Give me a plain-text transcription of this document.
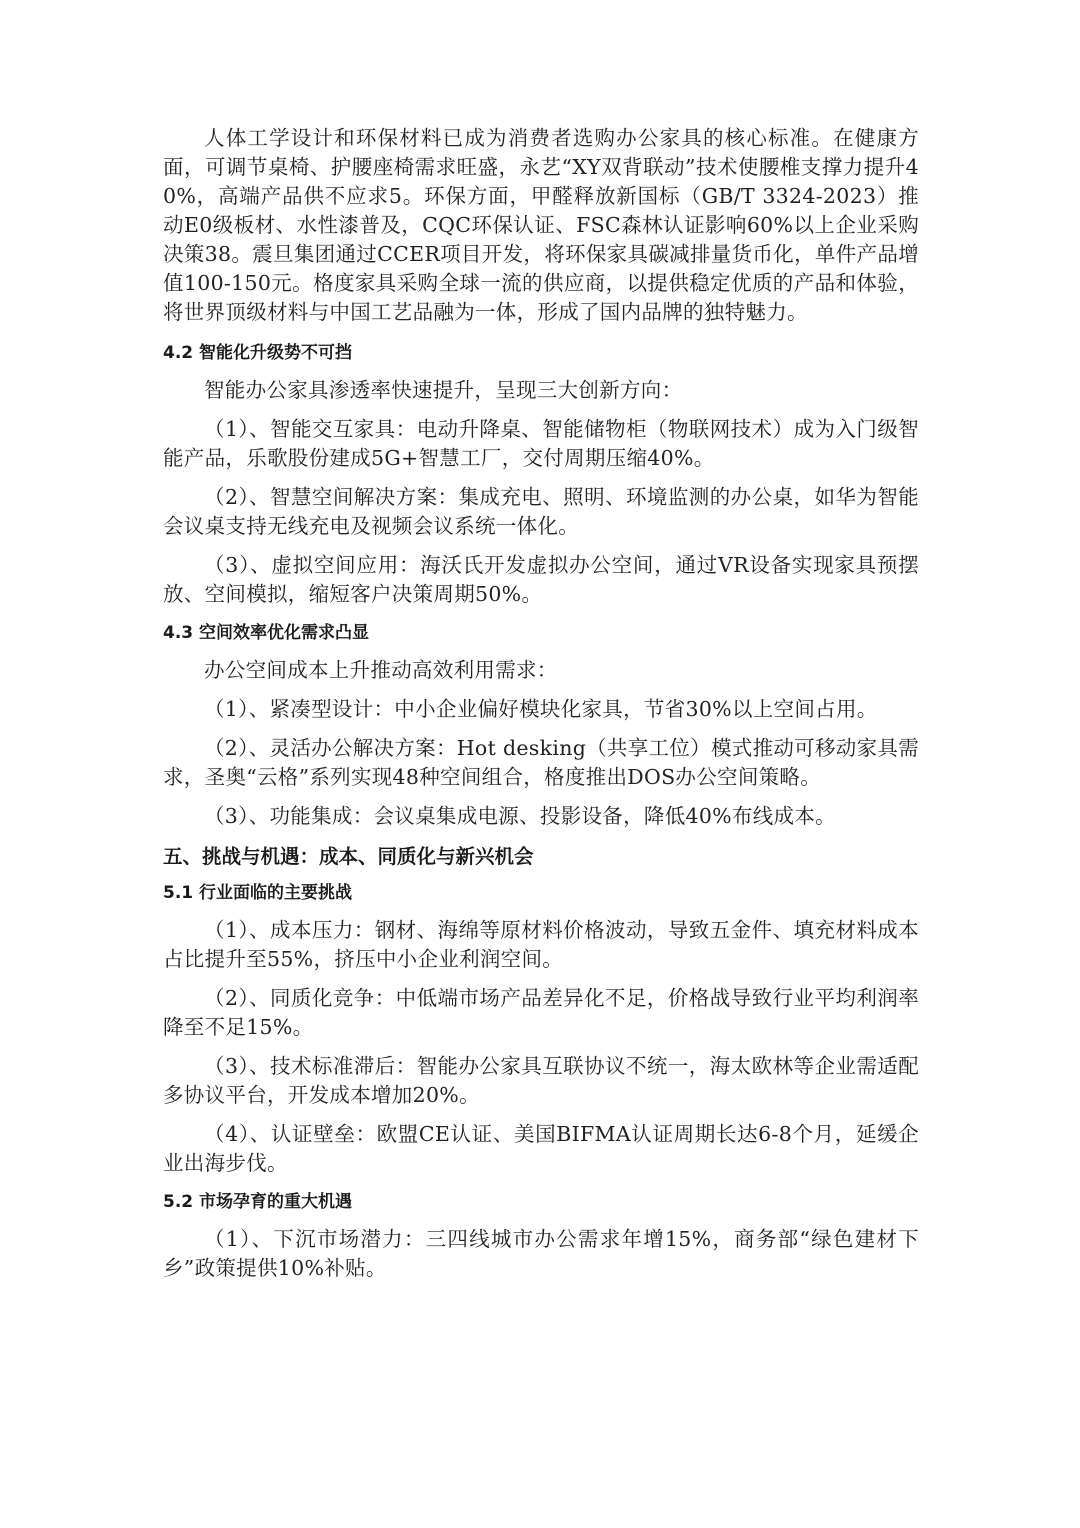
人体工学设计和环保材料已成为消费者选购办公家具的核心标准。在健康方面，可调节桌椅、护腰座椅需求旺盛，永艺“XY双背联动”技术使腰椎支撑力提升40%，高端产品供不应求5。环保方面，甲醛释放新国标（GB/T 3324-2023）推动E0级板材、水性漆普及，CQC环保认证、FSC森林认证影响60%以上企业采购决策38。震旦集团通过CCER项目开发，将环保家具碳减排量货币化，单件产品增值100-150元。格度家具采购全球一流的供应商，以提供稳定优质的产品和体验，将世界顶级材料与中国工艺品融为一体，形成了国内品牌的独特魅力。

4.2 智能化升级势不可挡

智能办公家具渗透率快速提升，呈现三大创新方向：

（1）、智能交互家具：电动升降桌、智能储物柜（物联网技术）成为入门级智能产品，乐歌股份建成5G+智慧工厂，交付周期压缩40%。

（2）、智慧空间解决方案：集成充电、照明、环境监测的办公桌，如华为智能会议桌支持无线充电及视频会议系统一体化。

（3）、虚拟空间应用：海沃氏开发虚拟办公空间，通过VR设备实现家具预摆放、空间模拟，缩短客户决策周期50%。

4.3 空间效率优化需求凸显

办公空间成本上升推动高效利用需求：

（1）、紧凑型设计：中小企业偏好模块化家具，节省30%以上空间占用。

（2）、灵活办公解决方案：Hot desking（共享工位）模式推动可移动家具需求，圣奥“云格”系列实现48种空间组合，格度推出DOS办公空间策略。

（3）、功能集成：会议桌集成电源、投影设备，降低40%布线成本。

五、挑战与机遇：成本、同质化与新兴机会
5.1 行业面临的主要挑战

（1）、成本压力：钢材、海绵等原材料价格波动，导致五金件、填充材料成本占比提升至55%，挤压中小企业利润空间。

（2）、同质化竞争：中低端市场产品差异化不足，价格战导致行业平均利润率降至不足15%。

（3）、技术标准滞后：智能办公家具互联协议不统一，海太欧林等企业需适配多协议平台，开发成本增加20%。

（4）、认证壁垒：欧盟CE认证、美国BIFMA认证周期长达6-8个月，延缓企业出海步伐。

5.2 市场孕育的重大机遇

（1）、下沉市场潜力：三四线城市办公需求年增15%，商务部“绿色建材下乡”政策提供10%补贴。
